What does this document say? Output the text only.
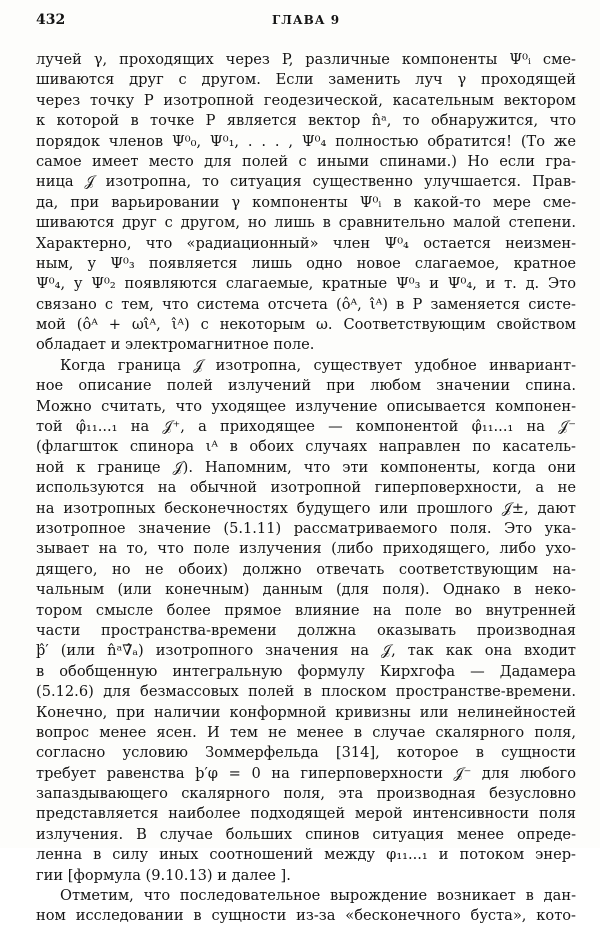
432	ГЛАВА 9
лучей γ, проходящих через P, различные компоненты Ψ⁰ᵢ сме-
шиваются друг с другом. Если заменить луч γ проходящей
через точку P изотропной геодезической, касательным вектором
к которой в точке P является вектор n̂ᵃ, то обнаружится, что
порядок членов Ψ⁰₀, Ψ⁰₁, . . . , Ψ⁰₄ полностью обратится! (То же
самое имеет место для полей с иными спинами.) Но если гра-
ница 𝒥 изотропна, то ситуация существенно улучшается. Прав-
да, при варьировании γ компоненты Ψ⁰ᵢ в какой-то мере сме-
шиваются друг с другом, но лишь в сравнительно малой степени.
Характерно, что «радиационный» член Ψ⁰₄ остается неизмен-
ным, у Ψ⁰₃ появляется лишь одно новое слагаемое, кратное
Ψ⁰₄, у Ψ⁰₂ появляются слагаемые, кратные Ψ⁰₃ и Ψ⁰₄, и т. д. Это
связано с тем, что система отсчета (ôᴬ, ι̂ᴬ) в P заменяется систе-
мой (ôᴬ + ωι̂ᴬ, ι̂ᴬ) с некоторым ω. Соответствующим свойством
обладает и электромагнитное поле.
Когда граница 𝒥 изотропна, существует удобное инвариант-
ное описание полей излучений при любом значении спина.
Можно считать, что уходящее излучение описывается компонен-
той φ̂₁₁...₁ на 𝒥⁺, а приходящее — компонентой φ̂₁₁...₁ на 𝒥⁻
(флагшток спинора ιᴬ в обоих случаях направлен по касатель-
ной к границе 𝒥). Напомним, что эти компоненты, когда они
используются на обычной изотропной гиперповерхности, а не
на изотропных бесконечностях будущего или прошлого 𝒥±, дают
изотропное значение (5.1.11) рассматриваемого поля. Это ука-
зывает на то, что поле излучения (либо приходящего, либо ухо-
дящего, но не обоих) должно отвечать соответствующим на-
чальным (или конечным) данным (для поля). Однако в неко-
тором смысле более прямое влияние на поле во внутренней
части пространства-времени должна оказывать производная
þ̂′ (или n̂ᵃ∇̂ₐ) изотропного значения на 𝒥, так как она входит
в обобщенную интегральную формулу Кирхгофа — Дадамера
(5.12.6) для безмассовых полей в плоском пространстве-времени.
Конечно, при наличии конформной кривизны или нелинейностей
вопрос менее ясен. И тем не менее в случае скалярного поля,
согласно условию Зоммерфельда [314], которое в сущности
требует равенства þ′φ = 0 на гиперповерхности 𝒥⁻ для любого
запаздывающего скалярного поля, эта производная безусловно
представляется наиболее подходящей мерой интенсивности поля
излучения. В случае больших спинов ситуация менее опреде-
ленна в силу иных соотношений между φ₁₁...₁ и потоком энер-
гии [формула (9.10.13) и далее ].
Отметим, что последовательное вырождение возникает в дан-
ном исследовании в сущности из-за «бесконечного буста», кото-
